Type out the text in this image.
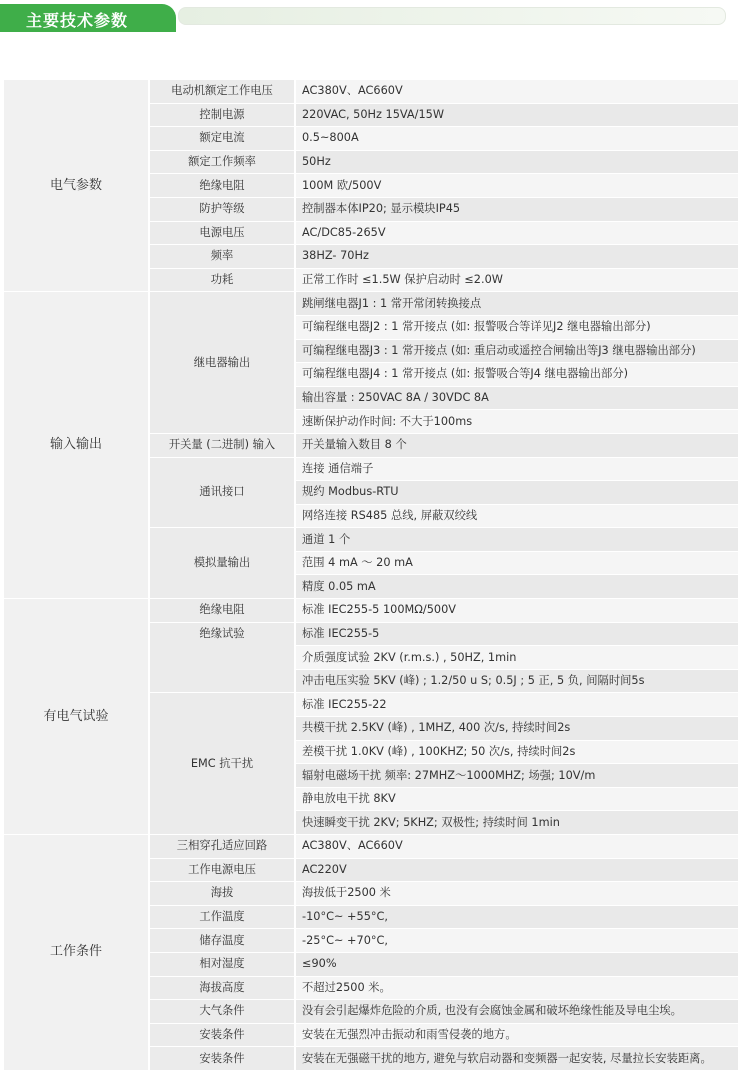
主要技术参数
电气参数	电动机额定工作电压	AC380V、AC660V
	控制电源	220VAC, 50Hz 15VA/15W
	额定电流	0.5~800A
	额定工作频率	50Hz
	绝缘电阻	100M 欧/500V
	防护等级	控制器本体IP20; 显示模块IP45
	电源电压	AC/DC85-265V
	频率	38HZ- 70Hz
	功耗	正常工作时 ≤1.5W 保护启动时 ≤2.0W
输入输出	继电器输出	跳闸继电器J1 : 1 常开常闭转换接点
		可编程继电器J2 : 1 常开接点 (如: 报警吸合等详见J2 继电器输出部分)
		可编程继电器J3 : 1 常开接点 (如: 重启动或遥控合闸输出等J3 继电器输出部分)
		可编程继电器J4 : 1 常开接点 (如: 报警吸合等J4 继电器输出部分)
		输出容量 : 250VAC 8A / 30VDC 8A
		速断保护动作时间: 不大于100ms
	开关量 (二进制) 输入	开关量输入数目 8 个
	通讯接口	连接 通信端子
		规约 Modbus-RTU
		网络连接 RS485 总线, 屏蔽双绞线
	模拟量输出	通道 1 个
		范围 4 mA ～ 20 mA
		精度 0.05 mA
有电气试验	绝缘电阻	标准 IEC255-5 100MΩ/500V
	绝缘试验	标准 IEC255-5
		介质强度试验 2KV (r.m.s.) , 50HZ, 1min
		冲击电压实验 5KV (峰) ; 1.2/50 u S; 0.5J ; 5 正, 5 负, 间隔时间5s
	EMC 抗干扰	标准 IEC255-22
		共模干扰 2.5KV (峰) , 1MHZ, 400 次/s, 持续时间2s
		差模干扰 1.0KV (峰) , 100KHZ; 50 次/s, 持续时间2s
		辐射电磁场干扰 频率: 27MHZ～1000MHZ; 场强; 10V/m
		静电放电干扰 8KV
		快速瞬变干扰 2KV; 5KHZ; 双极性; 持续时间 1min
工作条件	三相穿孔适应回路	AC380V、AC660V
	工作电源电压	AC220V
	海拔	海拔低于2500 米
	工作温度	-10°C~ +55°C,
	储存温度	-25°C~ +70°C,
	相对湿度	≤90%
	海拔高度	不超过2500 米。
	大气条件	没有会引起爆炸危险的介质, 也没有会腐蚀金属和破坏绝缘性能及导电尘埃。
	安装条件	安装在无强烈冲击振动和雨雪侵袭的地方。
	安装条件	安装在无强磁干扰的地方, 避免与软启动器和变频器一起安装, 尽量拉长安装距离。
